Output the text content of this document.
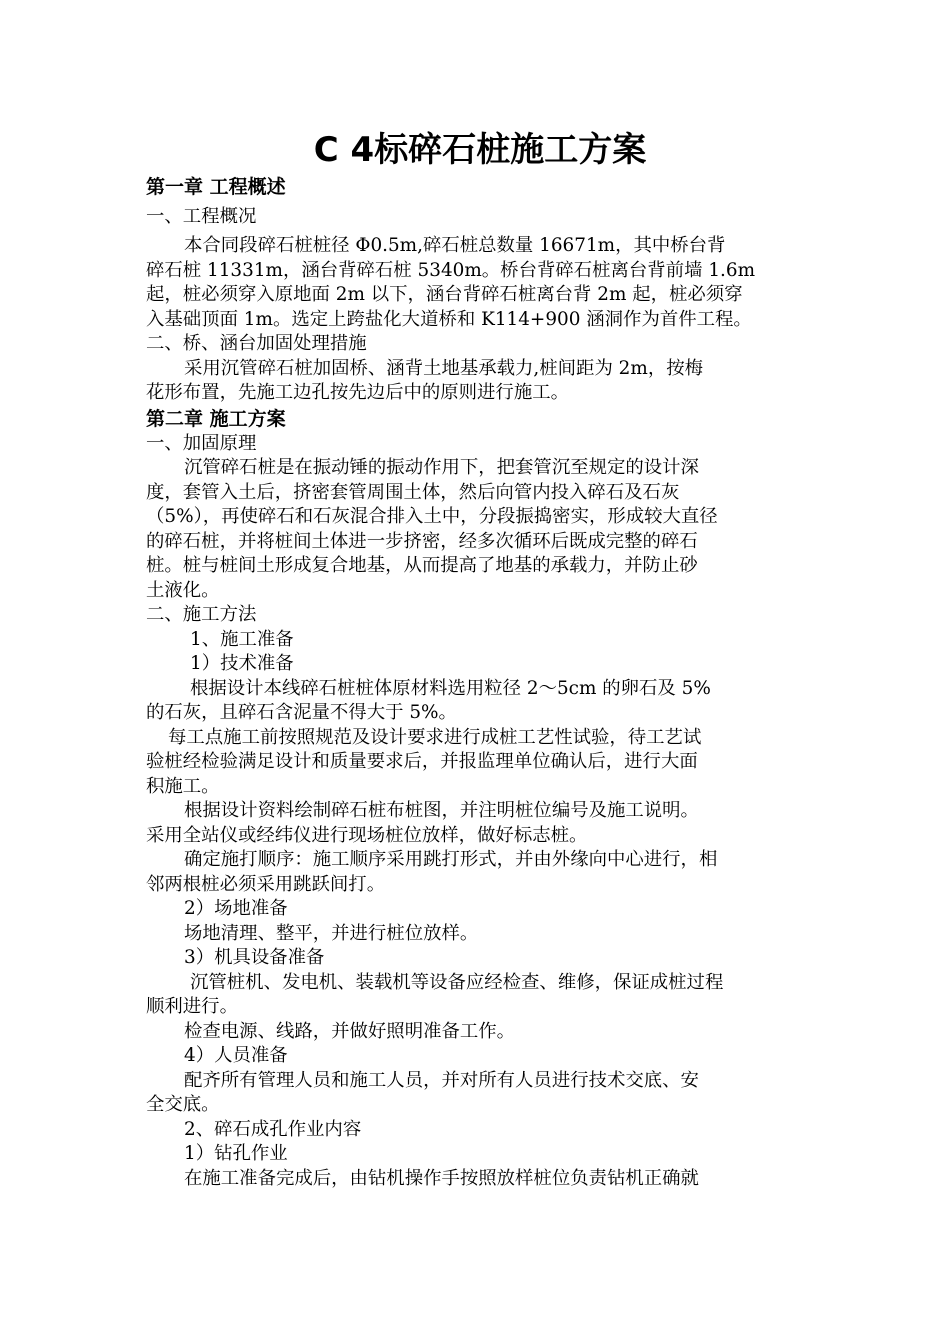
C 4标碎石桩施工方案
第一章 工程概述
一、工程概况
本合同段碎石桩桩径 Φ0.5m,碎石桩总数量 16671m，其中桥台背
碎石桩 11331m，涵台背碎石桩 5340m。桥台背碎石桩离台背前墙 1.6m
起，桩必须穿入原地面 2m 以下，涵台背碎石桩离台背 2m 起，桩必须穿
入基础顶面 1m。选定上跨盐化大道桥和 K114+900 涵洞作为首件工程。
二、桥、涵台加固处理措施
采用沉管碎石桩加固桥、涵背土地基承载力,桩间距为 2m，按梅
花形布置，先施工边孔按先边后中的原则进行施工。
第二章 施工方案
一、加固原理
沉管碎石桩是在振动锤的振动作用下，把套管沉至规定的设计深
度，套管入土后，挤密套管周围土体，然后向管内投入碎石及石灰
（5%），再使碎石和石灰混合排入土中，分段振捣密实，形成较大直径
的碎石桩，并将桩间土体进一步挤密，经多次循环后既成完整的碎石
桩。桩与桩间土形成复合地基，从而提高了地基的承载力，并防止砂
土液化。
二、施工方法
1、施工准备
1）技术准备
根据设计本线碎石桩桩体原材料选用粒径 2～5cm 的卵石及 5%
的石灰，且碎石含泥量不得大于 5%。
每工点施工前按照规范及设计要求进行成桩工艺性试验，待工艺试
验桩经检验满足设计和质量要求后，并报监理单位确认后，进行大面
积施工。
根据设计资料绘制碎石桩布桩图，并注明桩位编号及施工说明。
采用全站仪或经纬仪进行现场桩位放样，做好标志桩。
确定施打顺序：施工顺序采用跳打形式，并由外缘向中心进行，相
邻两根桩必须采用跳跃间打。
2）场地准备
场地清理、整平，并进行桩位放样。
3）机具设备准备
沉管桩机、发电机、装载机等设备应经检查、维修，保证成桩过程
顺利进行。
检查电源、线路，并做好照明准备工作。
4）人员准备
配齐所有管理人员和施工人员，并对所有人员进行技术交底、安
全交底。
2、碎石成孔作业内容
1）钻孔作业
在施工准备完成后，由钻机操作手按照放样桩位负责钻机正确就
